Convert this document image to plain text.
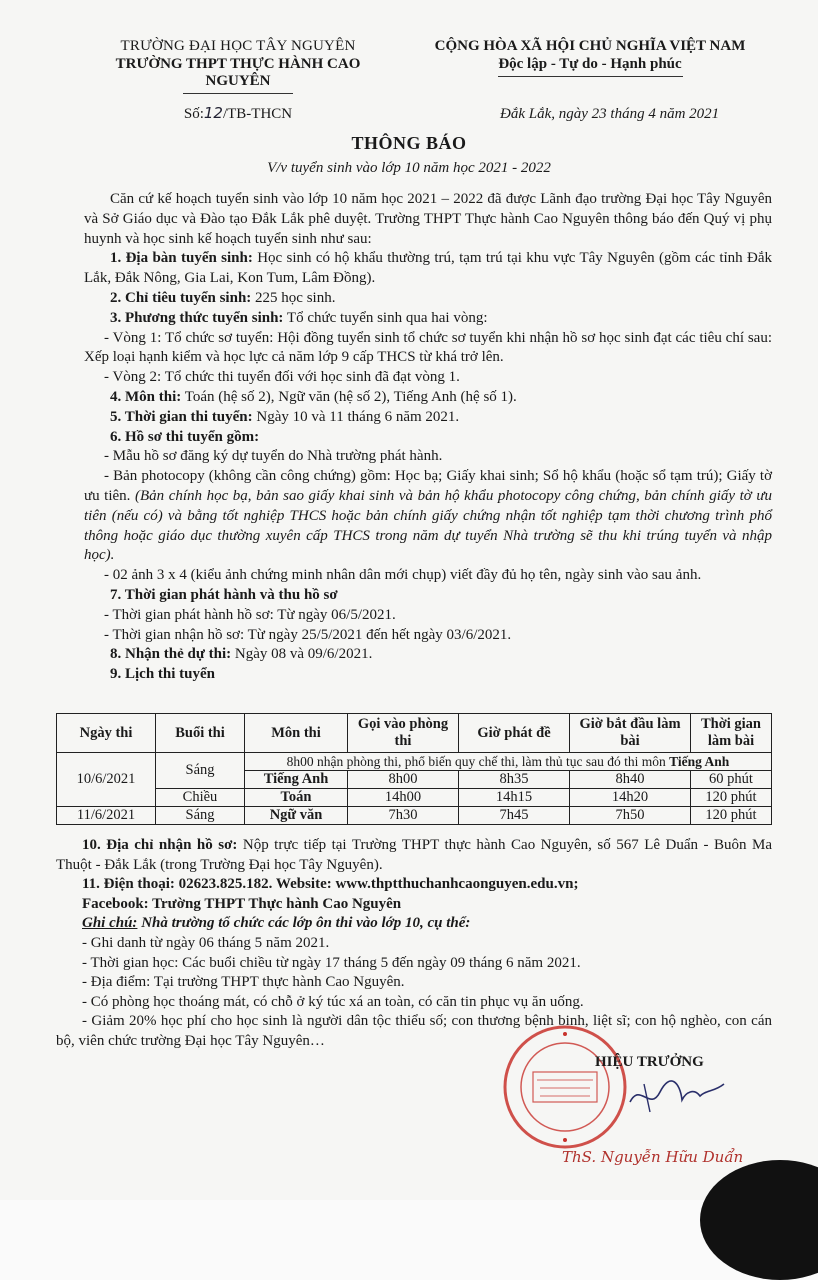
TRƯỜNG ĐẠI HỌC TÂY NGUYÊN
TRƯỜNG THPT THỰC HÀNH CAO NGUYÊN
Số:12/TB-THCN
CỘNG HÒA XÃ HỘI CHỦ NGHĨA VIỆT NAM
Độc lập - Tự do - Hạnh phúc
Đắk Lắk, ngày 23 tháng 4 năm 2021
THÔNG BÁO
V/v tuyển sinh vào lớp 10 năm học 2021 - 2022

Căn cứ kế hoạch tuyển sinh vào lớp 10 năm học 2021 – 2022 đã được Lãnh đạo trường Đại học Tây Nguyên và Sở Giáo dục và Đào tạo Đắk Lắk phê duyệt. Trường THPT Thực hành Cao Nguyên thông báo đến Quý vị phụ huynh và học sinh kế hoạch tuyển sinh như sau:

1. Địa bàn tuyển sinh: Học sinh có hộ khẩu thường trú, tạm trú tại khu vực Tây Nguyên (gồm các tỉnh Đắk Lắk, Đắk Nông, Gia Lai, Kon Tum, Lâm Đồng).

2. Chỉ tiêu tuyển sinh: 225 học sinh.

3. Phương thức tuyển sinh: Tổ chức tuyển sinh qua hai vòng:

- Vòng 1: Tổ chức sơ tuyển: Hội đồng tuyển sinh tổ chức sơ tuyển khi nhận hồ sơ học sinh đạt các tiêu chí sau: Xếp loại hạnh kiểm và học lực cả năm lớp 9 cấp THCS từ khá trở lên.

- Vòng 2: Tổ chức thi tuyển đối với học sinh đã đạt vòng 1.

4. Môn thi: Toán (hệ số 2), Ngữ văn (hệ số 2), Tiếng Anh (hệ số 1).

5. Thời gian thi tuyển: Ngày 10 và 11 tháng 6 năm 2021.

6. Hồ sơ thi tuyển gồm:

- Mẫu hồ sơ đăng ký dự tuyển do Nhà trường phát hành.

- Bản photocopy (không cần công chứng) gồm: Học bạ; Giấy khai sinh; Sổ hộ khẩu (hoặc sổ tạm trú); Giấy tờ ưu tiên. (Bản chính học bạ, bản sao giấy khai sinh và bản hộ khẩu photocopy công chứng, bản chính giấy tờ ưu tiên (nếu có) và bằng tốt nghiệp THCS hoặc bản chính giấy chứng nhận tốt nghiệp tạm thời chương trình phổ thông hoặc giáo dục thường xuyên cấp THCS trong năm dự tuyển Nhà trường sẽ thu khi trúng tuyển và nhập học).

- 02 ảnh 3 x 4 (kiểu ảnh chứng minh nhân dân mới chụp) viết đầy đủ họ tên, ngày sinh vào sau ảnh.

7. Thời gian phát hành và thu hồ sơ

- Thời gian phát hành hồ sơ: Từ ngày 06/5/2021.

- Thời gian nhận hồ sơ: Từ ngày 25/5/2021 đến hết ngày 03/6/2021.

8. Nhận thẻ dự thi: Ngày 08 và 09/6/2021.

9. Lịch thi tuyển

Ngày thi	Buổi thi	Môn thi	Gọi vào phòng thi	Giờ phát đề	Giờ bắt đầu làm bài	Thời gian làm bài
10/6/2021	Sáng	8h00 nhận phòng thi, phổ biến quy chế thi, làm thủ tục sau đó thi môn Tiếng Anh				
		Tiếng Anh	8h00	8h35	8h40	60 phút
	Chiều	Toán	14h00	14h15	14h20	120 phút
11/6/2021	Sáng	Ngữ văn	7h30	7h45	7h50	120 phút

10. Địa chỉ nhận hồ sơ: Nộp trực tiếp tại Trường THPT thực hành Cao Nguyên, số 567 Lê Duẩn - Buôn Ma Thuột - Đắk Lắk (trong Trường Đại học Tây Nguyên).

11. Điện thoại: 02623.825.182. Website: www.thptthuchanhcaonguyen.edu.vn;

Facebook: Trường THPT Thực hành Cao Nguyên

Ghi chú: Nhà trường tổ chức các lớp ôn thi vào lớp 10, cụ thể:

- Ghi danh từ ngày 06 tháng 5 năm 2021.

- Thời gian học: Các buổi chiều từ ngày 17 tháng 5 đến ngày 09 tháng 6 năm 2021.

- Địa điểm: Tại trường THPT thực hành Cao Nguyên.

- Có phòng học thoáng mát, có chỗ ở ký túc xá an toàn, có căn tin phục vụ ăn uống.

- Giảm 20% học phí cho học sinh là người dân tộc thiểu số; con thương bệnh binh, liệt sĩ; con hộ nghèo, con cán bộ, viên chức trường Đại học Tây Nguyên…

HIỆU TRƯỞNG
ThS. Nguyễn Hữu Duẩn
